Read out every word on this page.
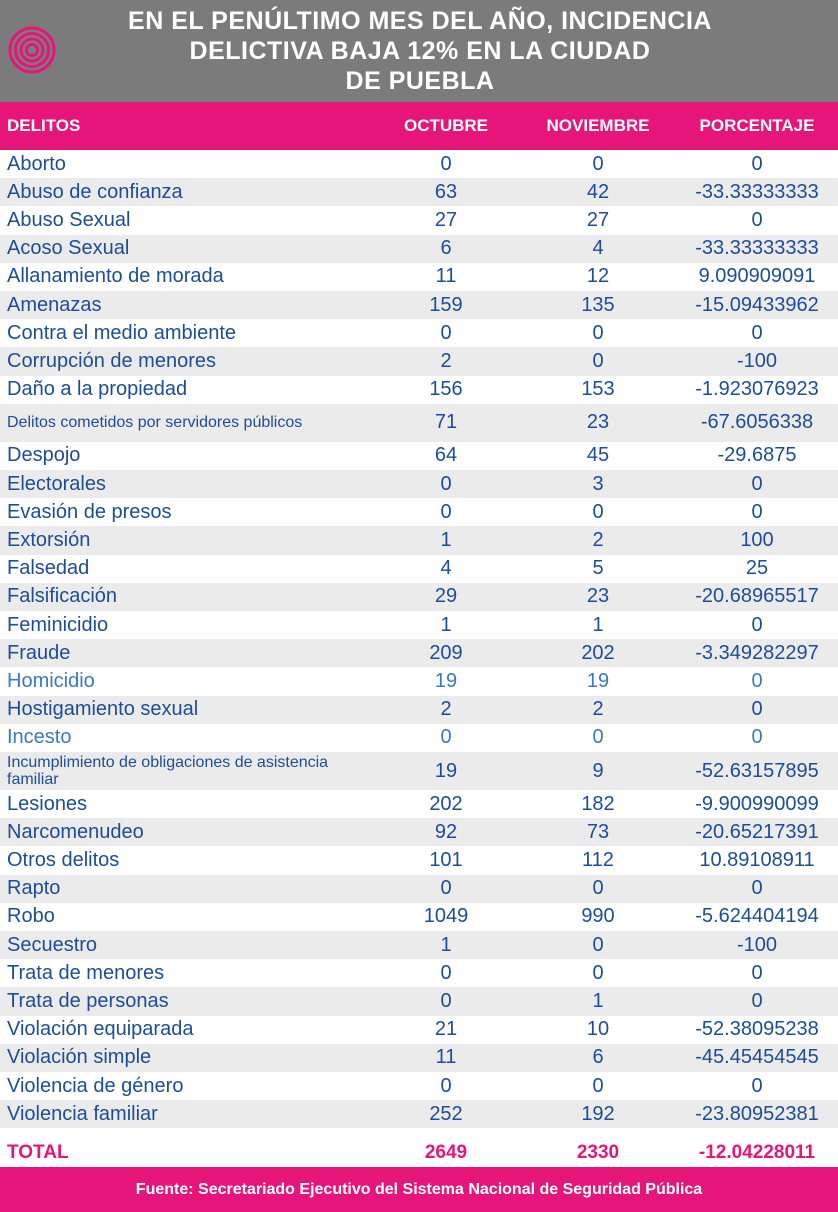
EN EL PENÚLTIMO MES DEL AÑO, INCIDENCIA
DELICTIVA BAJA 12% EN LA CIUDAD
DE PUEBLA
DELITOS	OCTUBRE	NOVIEMBRE	PORCENTAJE
Aborto	0	0	0
Abuso de confianza	63	42	-33.33333333
Abuso Sexual	27	27	0
Acoso Sexual	6	4	-33.33333333
Allanamiento de morada	11	12	9.090909091
Amenazas	159	135	-15.09433962
Contra el medio ambiente	0	0	0
Corrupción de menores	2	0	-100
Daño a la propiedad	156	153	-1.923076923
Delitos cometidos por servidores públicos	71	23	-67.6056338
Despojo	64	45	-29.6875
Electorales	0	3	0
Evasión de presos	0	0	0
Extorsión	1	2	100
Falsedad	4	5	25
Falsificación	29	23	-20.68965517
Feminicidio	1	1	0
Fraude	209	202	-3.349282297
Homicidio	19	19	0
Hostigamiento sexual	2	2	0
Incesto	0	0	0
Incumplimiento de obligaciones de asistencia familiar	19	9	-52.63157895
Lesiones	202	182	-9.900990099
Narcomenudeo	92	73	-20.65217391
Otros delitos	101	112	10.89108911
Rapto	0	0	0
Robo	1049	990	-5.624404194
Secuestro	1	0	-100
Trata de menores	0	0	0
Trata de personas	0	1	0
Violación equiparada	21	10	-52.38095238
Violación simple	11	6	-45.45454545
Violencia de género	0	0	0
Violencia familiar	252	192	-23.80952381
TOTAL	2649	2330	-12.04228011
Fuente: Secretariado Ejecutivo del Sistema Nacional de Seguridad Pública
